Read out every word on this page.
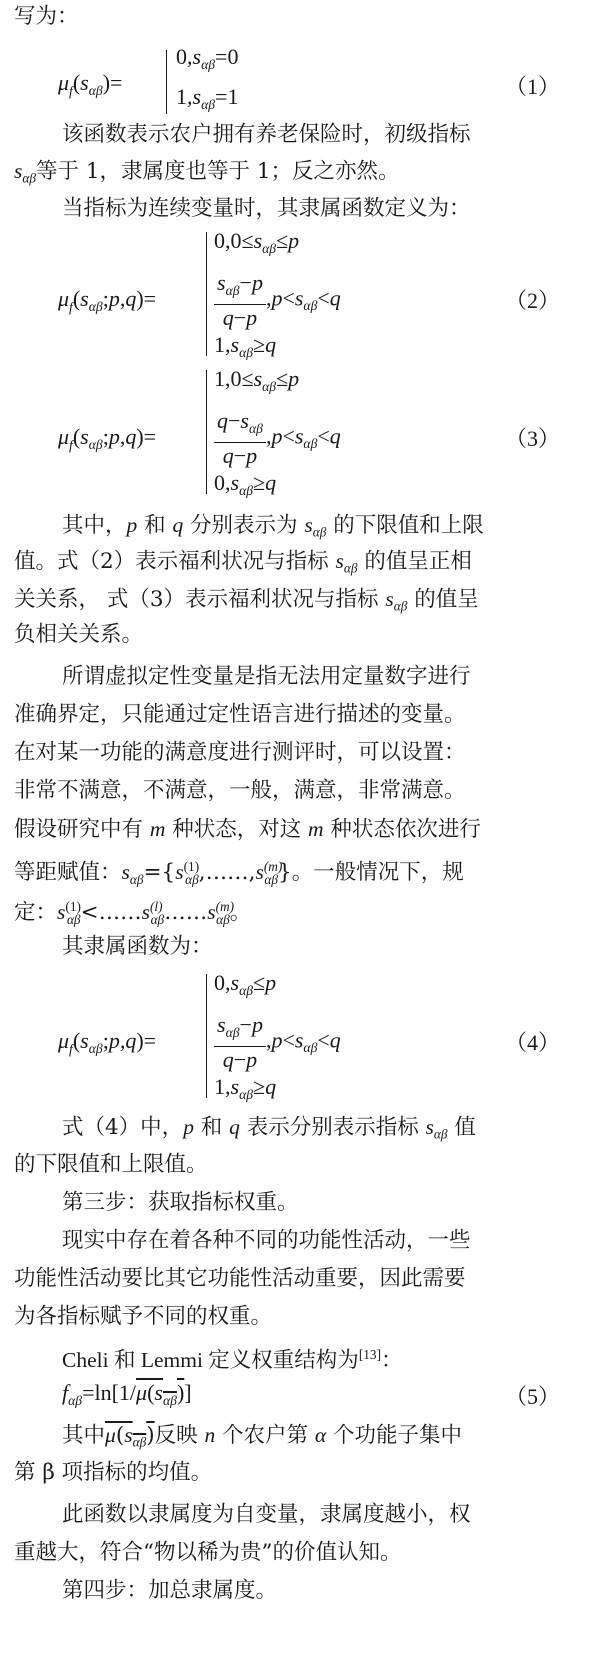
写为：
$\mu_f(s_{\alpha\beta})=$
$0,s_{\alpha\beta}=0$
$1,s_{\alpha\beta}=1$	（1）
该函数表示农户拥有养老保险时，初级指标
$s_{\alpha\beta}$等于 1，隶属度也等于 1；反之亦然。
当指标为连续变量时，其隶属函数定义为：
$\mu_f(s_{\alpha\beta};p,q)=$
$0,0\le s_{\alpha\beta}\le p$
$\frac{s_{\alpha\beta}-p}{q-p} ,p<s_{\alpha\beta}<q$
$1,s_{\alpha\beta}\ge q$
（2）
$\mu_f(s_{\alpha\beta};p,q)=$
$1,0\le s_{\alpha\beta}\le p$
$\frac{q-s_{\alpha\beta}}{q-p} ,p<s_{\alpha\beta}<q$
$0,s_{\alpha\beta}\ge q$
（3）
其中，p 和 q 分别表示为 $s_{\alpha\beta}$ 的下限值和上限
值。式（2）表示福利状况与指标 $s_{\alpha\beta}$ 的值呈正相
关关系， 式（3）表示福利状况与指标 $s_{\alpha\beta}$ 的值呈
负相关关系。
所谓虚拟定性变量是指无法用定量数字进行
准确界定，只能通过定性语言进行描述的变量。
在对某一功能的满意度进行测评时，可以设置：
非常不满意，不满意，一般，满意，非常满意。
假设研究中有 m 种状态，对这 m 种状态依次进行
等距赋值：$s_{\alpha\beta}=\{s^{(1)}_{\alpha\beta},\dots\dots,s^{(m)}_{\alpha\beta}\}$。一般情况下，规
定：$s^{(1)}_{\alpha\beta}<\dots\dots s^{(l)}_{\alpha\beta}\dots\dots s^{(m)}_{\alpha\beta}$。
其隶属函数为：
$\mu_f(s_{\alpha\beta};p,q)=$
$0,s_{\alpha\beta}\le p$
$\frac{s_{\alpha\beta}-p}{q-p} ,p<s_{\alpha\beta}<q$
$1,s_{\alpha\beta}\ge q$
（4）
式（4）中，p 和 q 表示分别表示指标 $s_{\alpha\beta}$ 值
的下限值和上限值。
第三步：获取指标权重。
现实中存在着各种不同的功能性活动，一些
功能性活动要比其它功能性活动重要，因此需要
为各指标赋予不同的权重。
Cheli 和 Lemmi 定义权重结构为[13]：
$f_{\alpha\beta}=\ln[1/\mu(s_{\alpha\beta})]$	（5）
其中$\mu(s_{\alpha\beta})$反映 n 个农户第 α 个功能子集中
第 β 项指标的均值。
此函数以隶属度为自变量，隶属度越小，权
重越大，符合“物以稀为贵”的价值认知。
第四步：加总隶属度。
